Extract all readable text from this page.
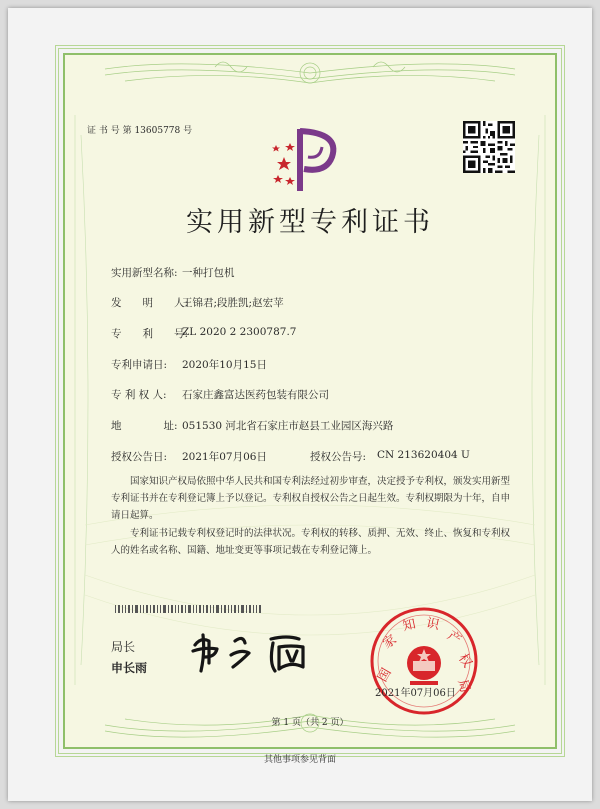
证 书 号 第 13605778 号
实用新型专利证书
实用新型名称: 一种打包机
发　　明　　人:
王锦君;段胜凯;赵宏苹
专　　利　　号:
ZL 2020 2 2300787.7
专利申请日: 2020年10月15日
专 利 权 人: 石家庄鑫富达医药包装有限公司
地　　　　址: 051530 河北省石家庄市赵县工业园区海兴路
授权公告日: 2021年07月06日	授权公告号: CN 213620404 U
国家知识产权局依照中华人民共和国专利法经过初步审查，决定授予专利权，颁发实用新型专利证书并在专利登记簿上予以登记。专利权自授权公告之日起生效。专利权期限为十年，自申请日起算。
专利证书记载专利权登记时的法律状况。专利权的转移、质押、无效、终止、恢复和专利权人的姓名或名称、国籍、地址变更等事项记载在专利登记簿上。
局长
申长雨	国
家
知 识
产
权
局
2021年07月06日
第 1 页（共 2 页）
其他事项参见背面
